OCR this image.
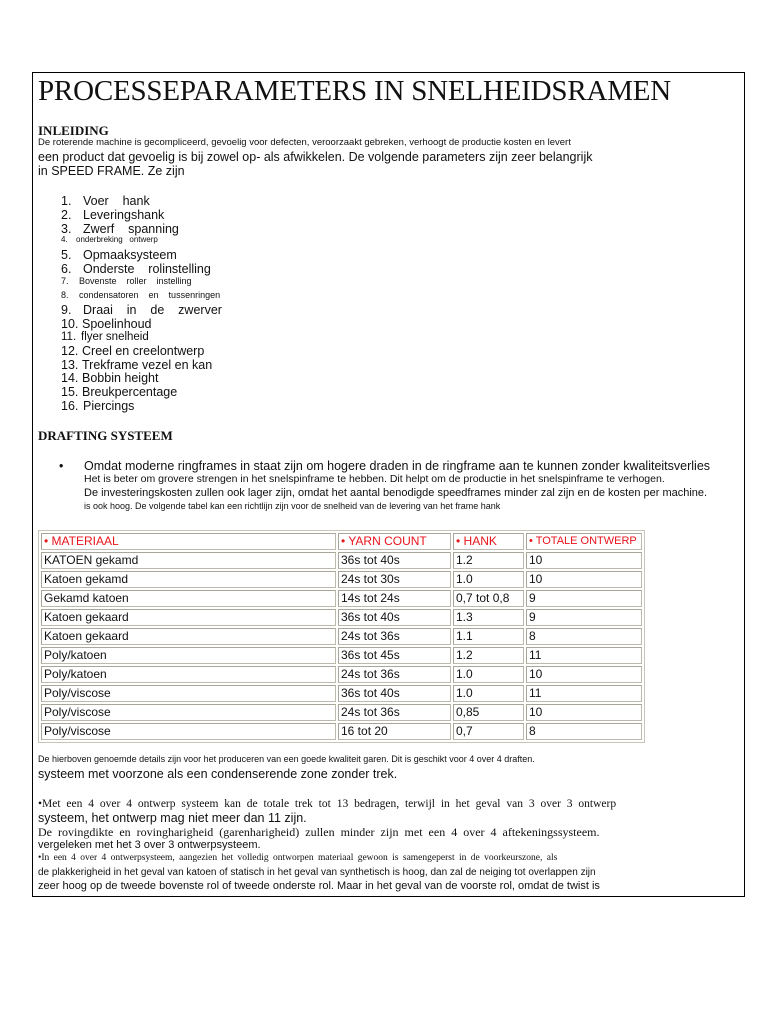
PROCESSEPARAMETERS IN SNELHEIDSRAMEN
INLEIDING
De roterende machine is gecompliceerd, gevoelig voor defecten, veroorzaakt gebreken, verhoogt de productie kosten en levert
een product dat gevoelig is bij zowel op- als afwikkelen. De volgende parameters zijn zeer belangrijk
in SPEED FRAME. Ze zijn
1. Voer    hank
2. Leveringshank
3. Zwerf    spanning
4. onderbreking   ontwerp
5. Opmaaksysteem
6. Onderste    rolinstelling
7. Bovenste    roller    instelling
8. condensatoren    en    tussenringen
9. Draai    in    de    zwerver
10. Spoelinhoud
11. flyer snelheid
12. Creel en creelontwerp
13. Trekframe vezel en kan
14. Bobbin height
15. Breukpercentage
16. Piercings
DRAFTING SYSTEEM
• Omdat moderne ringframes in staat zijn om hogere draden in de ringframe aan te kunnen zonder kwaliteitsverlies
Het is beter om grovere strengen in het snelspinframe te hebben. Dit helpt om de productie in het snelspinframe te verhogen.
De investeringskosten zullen ook lager zijn, omdat het aantal benodigde speedframes minder zal zijn en de kosten per machine.
is ook hoog. De volgende tabel kan een richtlijn zijn voor de snelheid van de levering van het frame hank
• MATERIAAL	• YARN COUNT	• HANK	• TOTALE ONTWERP
KATOEN gekamd	36s tot 40s	1.2	10
Katoen gekamd	24s tot 30s	1.0	10
Gekamd katoen	14s tot 24s	0,7 tot 0,8	9
Katoen gekaard	36s tot 40s	1.3	9
Katoen gekaard	24s tot 36s	1.1	8
Poly/katoen	36s tot 45s	1.2	11
Poly/katoen	24s tot 36s	1.0	10
Poly/viscose	36s tot 40s	1.0	11
Poly/viscose	24s tot 36s	0,85	10
Poly/viscose	16 tot 20	0,7	8
De hierboven genoemde details zijn voor het produceren van een goede kwaliteit garen. Dit is geschikt voor 4 over 4 draften.
systeem met voorzone als een condenserende zone zonder trek.
•Met een 4 over 4 ontwerp systeem kan de totale trek tot 13 bedragen, terwijl in het geval van 3 over 3 ontwerp
systeem, het ontwerp mag niet meer dan 11 zijn.
De rovingdikte en rovingharigheid (garenharigheid) zullen minder zijn met een 4 over 4 aftekeningssysteem.
vergeleken met het 3 over 3 ontwerpsysteem.
•In een 4 over 4 ontwerpsysteem, aangezien het volledig ontworpen materiaal gewoon is samengeperst in de voorkeurszone, als
de plakkerigheid in het geval van katoen of statisch in het geval van synthetisch is hoog, dan zal de neiging tot overlappen zijn
zeer hoog op de tweede bovenste rol of tweede onderste rol. Maar in het geval van de voorste rol, omdat de twist is
